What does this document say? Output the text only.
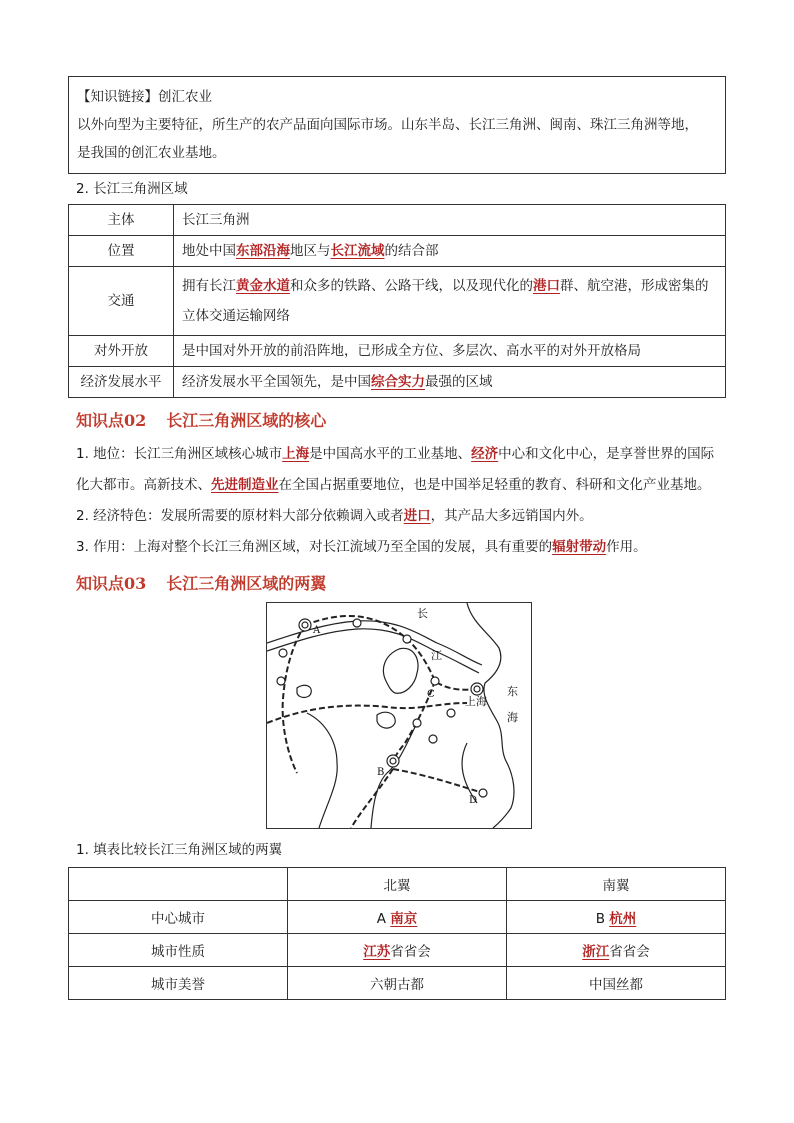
【知识链接】创汇农业
以外向型为主要特征，所生产的农产品面向国际市场。山东半岛、长江三角洲、闽南、珠江三角洲等地，
是我国的创汇农业基地。
2. 长江三角洲区域
主体	长江三角洲
位置	地处中国东部沿海地区与长江流域的结合部
交通	拥有长江黄金水道和众多的铁路、公路干线，以及现代化的港口群、航空港，形成密集的立体交通运输网络
对外开放	是中国对外开放的前沿阵地，已形成全方位、多层次、高水平的对外开放格局
经济发展水平	经济发展水平全国领先，是中国综合实力最强的区域
知识点02 长江三角洲区域的核心
1. 地位：长江三角洲区域核心城市上海是中国高水平的工业基地、经济中心和文化中心，是享誉世界的国际化大都市。高新技术、先进制造业在全国占据重要地位，也是中国举足轻重的教育、科研和文化产业基地。
2. 经济特色：发展所需要的原材料大部分依赖调入或者进口，其产品大多远销国内外。
3. 作用：上海对整个长江三角洲区域，对长江流域乃至全国的发展，具有重要的辐射带动作用。
知识点03 长江三角洲区域的两翼
A
B
C
D
上海
长
江
东
海
1. 填表比较长江三角洲区域的两翼
	北翼	南翼
中心城市	A 南京	B 杭州
城市性质	江苏省省会	浙江省省会
城市美誉	六朝古都	中国丝都
